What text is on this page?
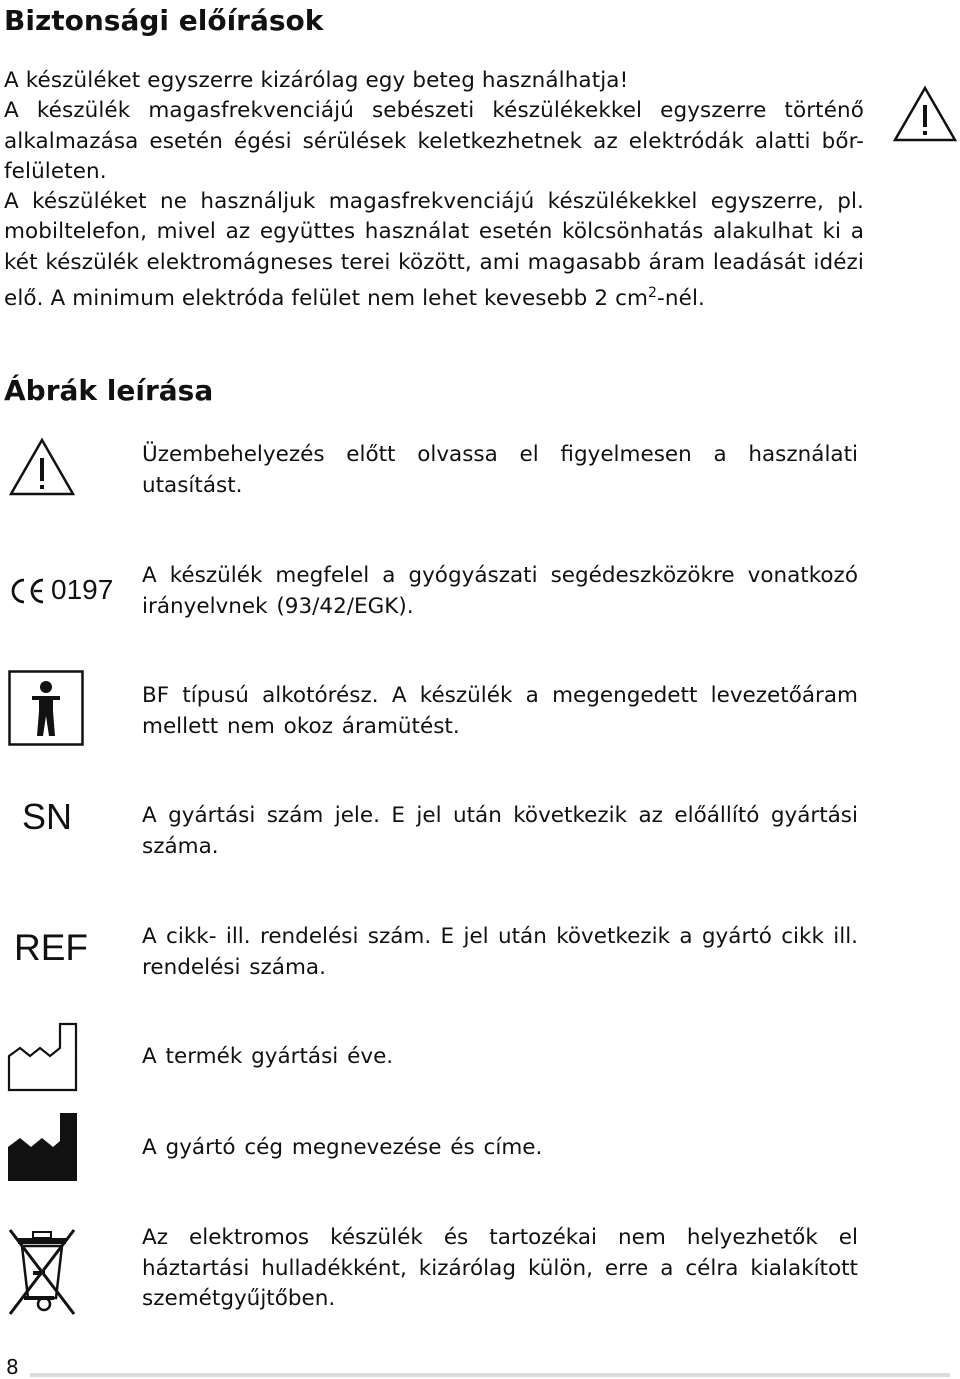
Biztonsági előírások

A készüléket egyszerre kizárólag egy beteg használhatja!

A készülék magasfrekvenciájú sebészeti készülékekkel egyszerre történő alkalmazása esetén égési sérülések keletkezhetnek az elektródák alatti bőr-felületen.

A készüléket ne használjuk magasfrekvenciájú készülékekkel egyszerre, pl. mobiltelefon, mivel az együttes használat esetén kölcsönhatás alakulhat ki a két készülék elektromágneses terei között, ami magasabb áram leadását idézi elő. A minimum elektróda felület nem lehet kevesebb 2 $cm^2$-nél.

Ábrák leírása
Üzembehelyezés előtt olvassa el figyelmesen a használati utasítást.
0197 A készülék megfelel a gyógyászati segédeszközökre vonatkozó irányelvnek (93/42/EGK).
BF típusú alkotórész. A készülék a megengedett levezetőáram mellett nem okoz áramütést.
SN	A gyártási szám jele. E jel után következik az előállító gyártási száma.
REF	A cikk- ill. rendelési szám. E jel után következik a gyártó cikk ill. rendelési száma.
A termék gyártási éve.
A gyártó cég megnevezése és címe.
Az elektromos készülék és tartozékai nem helyezhetők el háztartási hulladékként, kizárólag külön, erre a célra kialakított szemétgyűjtőben.
8
